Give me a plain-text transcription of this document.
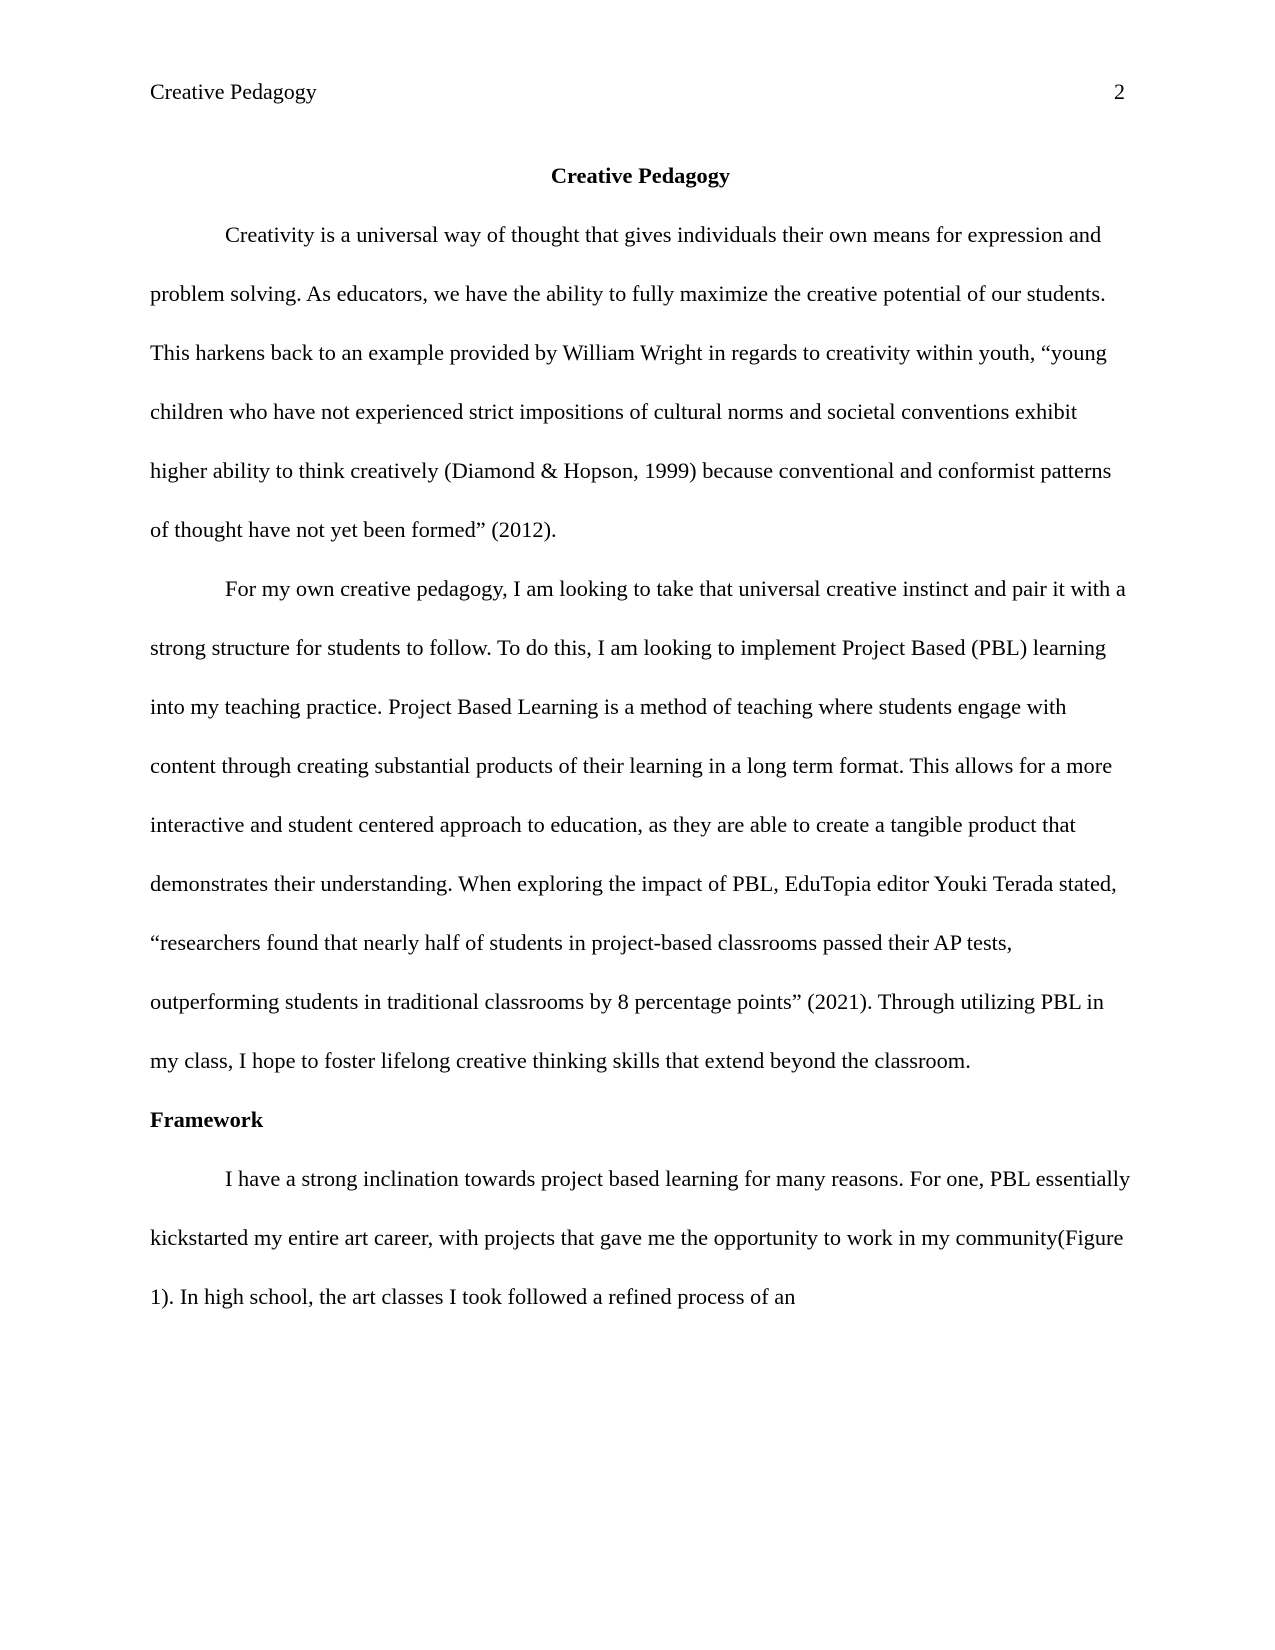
Creative Pedagogy	2
Creative Pedagogy

Creativity is a universal way of thought that gives individuals their own means for expression and problem solving. As educators, we have the ability to fully maximize the creative potential of our students. This harkens back to an example provided by William Wright in regards to creativity within youth, “young children who have not experienced strict impositions of cultural norms and societal conventions exhibit higher ability to think creatively (Diamond & Hopson, 1999) because conventional and conformist patterns of thought have not yet been formed” (2012).

For my own creative pedagogy, I am looking to take that universal creative instinct and pair it with a strong structure for students to follow. To do this, I am looking to implement Project Based (PBL) learning into my teaching practice. Project Based Learning is a method of teaching where students engage with content through creating substantial products of their learning in a long term format. This allows for a more interactive and student centered approach to education, as they are able to create a tangible product that demonstrates their understanding. When exploring the impact of PBL, EduTopia editor Youki Terada stated, “researchers found that nearly half of students in project-based classrooms passed their AP tests, outperforming students in traditional classrooms by 8 percentage points” (2021). Through utilizing PBL in my class, I hope to foster lifelong creative thinking skills that extend beyond the classroom.

Framework

I have a strong inclination towards project based learning for many reasons. For one, PBL essentially kickstarted my entire art career, with projects that gave me the opportunity to work in my community(Figure 1). In high school, the art classes I took followed a refined process of an
